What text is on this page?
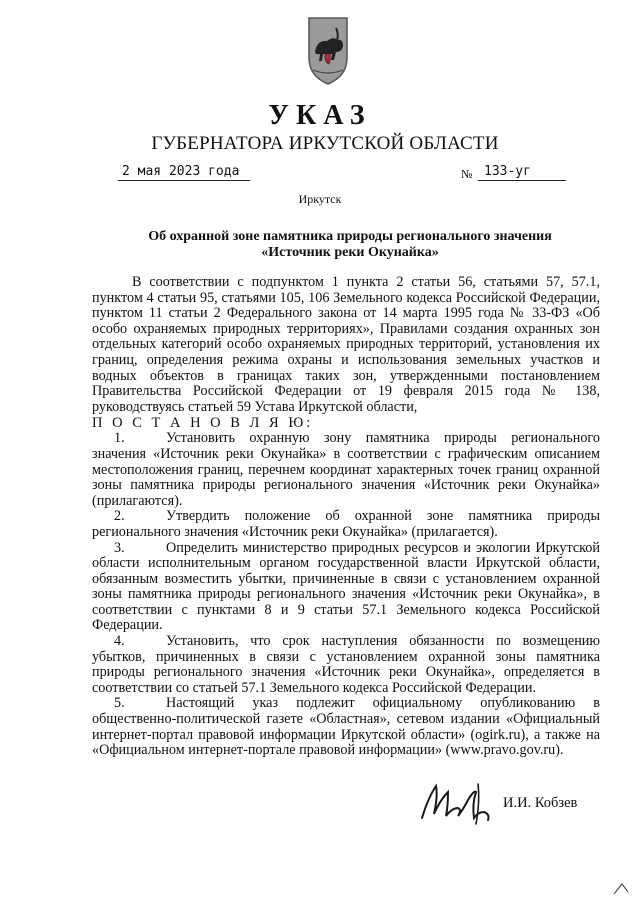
УКАЗ
ГУБЕРНАТОРА ИРКУТСКОЙ ОБЛАСТИ
2 мая 2023 года	№ 133-уг
Иркутск
Об охранной зоне памятника природы регионального значения
«Источник реки Окунайка»

В соответствии с подпунктом 1 пункта 2 статьи 56, статьями 57, 57.1, пунктом 4 статьи 95, статьями 105, 106 Земельного кодекса Российской Федерации, пунктом 11 статьи 2 Федерального закона от 14 марта 1995 года № 33-ФЗ «Об особо охраняемых природных территориях», Правилами создания охранных зон отдельных категорий особо охраняемых природных территорий, установления их границ, определения режима охраны и использования земельных участков и водных объектов в границах таких зон, утвержденными постановлением Правительства Российской Федерации от 19 февраля 2015 года № 138, руководствуясь статьей 59 Устава Иркутской области,

П О С Т А Н О В Л Я Ю:

1.	Установить охранную зону памятника природы регионального значения «Источник реки Окунайка» в соответствии с графическим описанием местоположения границ, перечнем координат характерных точек границ охранной зоны памятника природы регионального значения «Источник реки Окунайка» (прилагаются).

2.	Утвердить положение об охранной зоне памятника природы регионального значения «Источник реки Окунайка» (прилагается).

3.	Определить министерство природных ресурсов и экологии Иркутской области исполнительным органом государственной власти Иркутской области, обязанным возместить убытки, причиненные в связи с установлением охранной зоны памятника природы регионального значения «Источник реки Окунайка», в соответствии с пунктами 8 и 9 статьи 57.1 Земельного кодекса Российской Федерации.

4.	Установить, что срок наступления обязанности по возмещению убытков, причиненных в связи с установлением охранной зоны памятника природы регионального значения «Источник реки Окунайка», определяется в соответствии со статьей 57.1 Земельного кодекса Российской Федерации.

5.	Настоящий указ подлежит официальному опубликованию в общественно-политической газете «Областная», сетевом издании «Официальный интернет-портал правовой информации Иркутской области» (ogirk.ru), а также на «Официальном интернет-портале правовой информации» (www.pravo.gov.ru).

И.И. Кобзев
